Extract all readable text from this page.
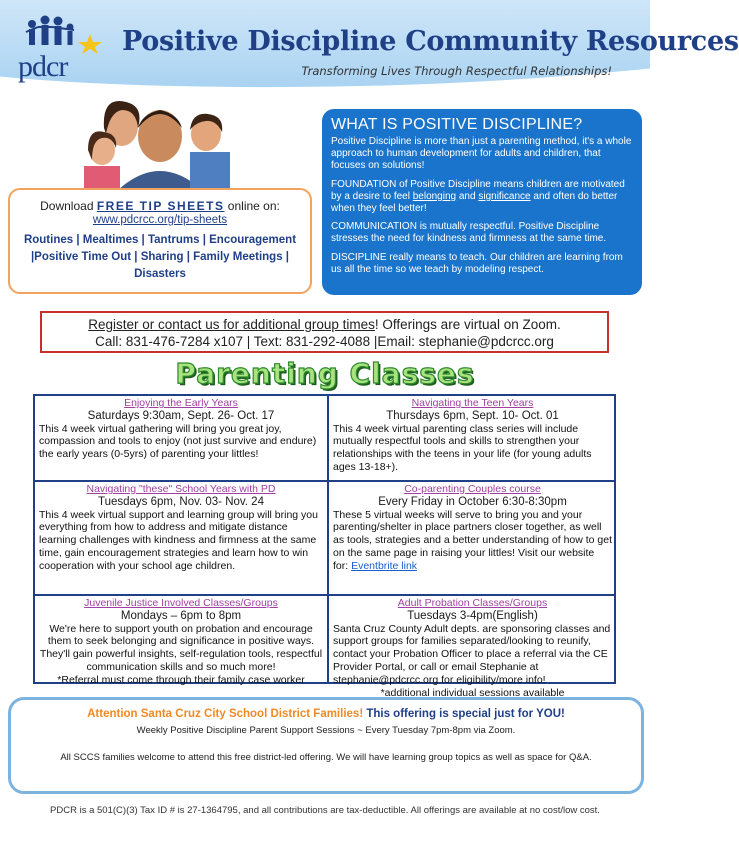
pdcr
Positive Discipline Community Resources
Transforming Lives Through Respectful Relationships!
Download FREE TIP SHEETS online on:
www.pdcrcc.org/tip-sheets
Routines | Mealtimes | Tantrums | Encouragement |Positive Time Out | Sharing | Family Meetings | Disasters
WHAT IS POSITIVE DISCIPLINE?

Positive Discipline is more than just a parenting method, it's a whole approach to human development for adults and children, that focuses on solutions!

FOUNDATION of Positive Discipline means children are motivated by a desire to feel belonging and significance and often do better when they feel better!

COMMUNICATION is mutually respectful. Positive Discipline stresses the need for kindness and firmness at the same time.

DISCIPLINE really means to teach. Our children are learning from us all the time so we teach by modeling respect.

Register or contact us for additional group times! Offerings are virtual on Zoom.
Call: 831-476-7284 x107 | Text: 831-292-4088 |Email: stephanie@pdcrcc.org
Parenting Classes
Enjoying the Early Years
Saturdays 9:30am, Sept. 26- Oct. 17
This 4 week virtual gathering will bring you great joy, compassion and tools to enjoy (not just survive and endure) the early years (0-5yrs) of parenting your littles!
Navigating the Teen Years
Thursdays 6pm, Sept. 10- Oct. 01
This 4 week virtual parenting class series will include mutually respectful tools and skills to strengthen your relationships with the teens in your life (for young adults ages 13-18+).
Navigating "these" School Years with PD
Tuesdays 6pm, Nov. 03- Nov. 24
This 4 week virtual support and learning group will bring you everything from how to address and mitigate distance learning challenges with kindness and firmness at the same time, gain encouragement strategies and learn how to win cooperation with your school age children.
Co-parenting Couples course
Every Friday in October 6:30-8:30pm
These 5 virtual weeks will serve to bring you and your parenting/shelter in place partners closer together, as well as tools, strategies and a better understanding of how to get on the same page in raising your littles! Visit our website for: Eventbrite link
Juvenile Justice Involved Classes/Groups
Mondays – 6pm to 8pm
We're here to support youth on probation and encourage them to seek belonging and significance in positive ways. They'll gain powerful insights, self-regulation tools, respectful communication skills and so much more!
*Referral must come through their family case worker
Adult Probation Classes/Groups
Tuesdays 3-4pm(English)
Santa Cruz County Adult depts. are sponsoring classes and support groups for families separated/looking to reunify, contact your Probation Officer to place a referral via the CE Provider Portal, or call or email Stephanie at stephanie@pdcrcc.org for eligibility/more info!

*additional individual sessions available
Attention Santa Cruz City School District Families! This offering is special just for YOU!
Weekly Positive Discipline Parent Support Sessions ~ Every Tuesday 7pm-8pm via Zoom.
All SCCS families welcome to attend this free district-led offering. We will have learning group topics as well as space for Q&A.
PDCR is a 501(C)(3) Tax ID # is 27-1364795, and all contributions are tax-deductible. All offerings are available at no cost/low cost.
